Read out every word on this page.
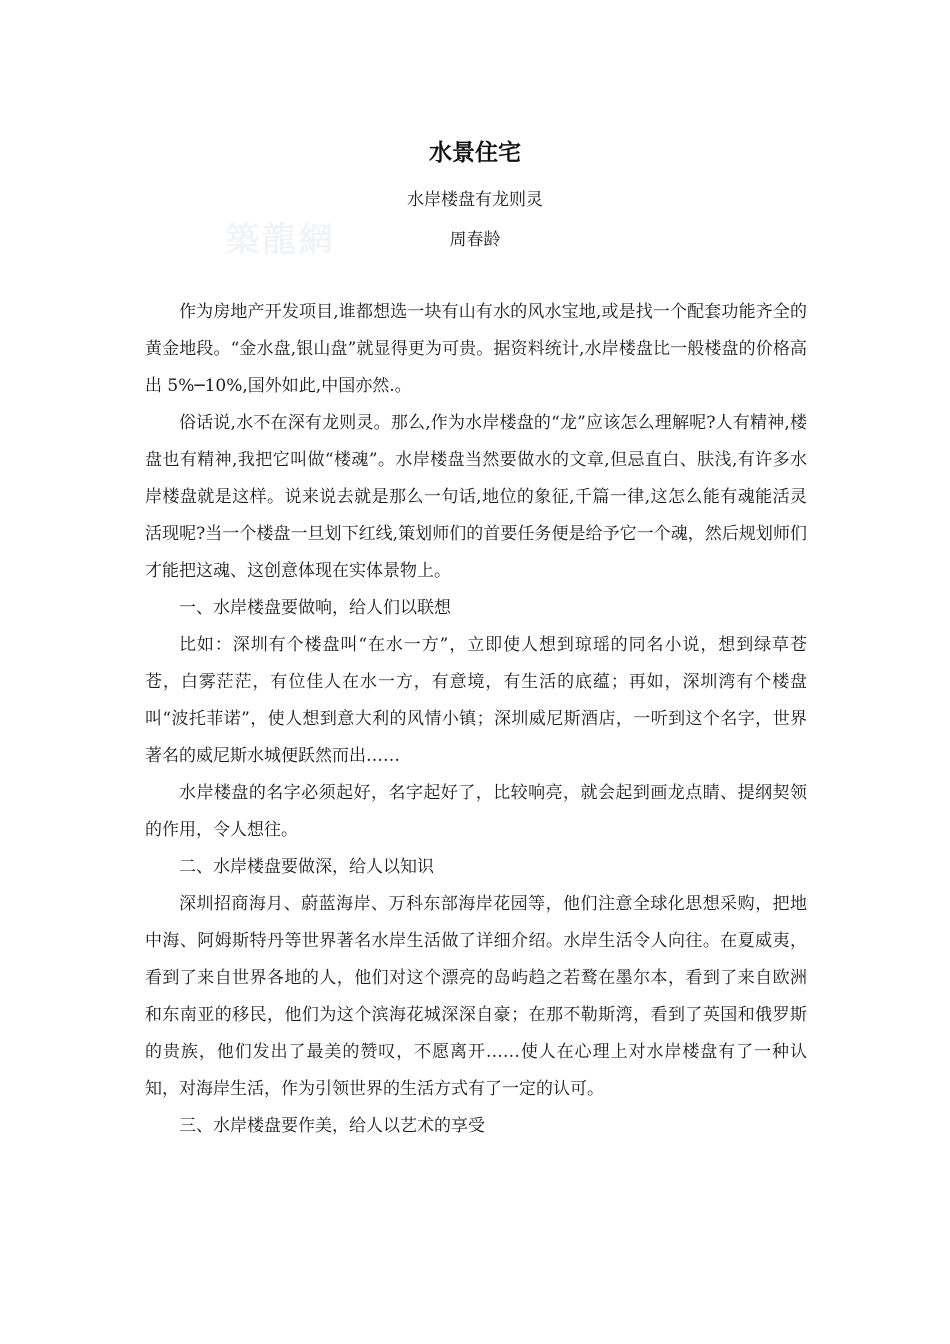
築龍網
水景住宅
水岸楼盘有龙则灵
周春龄

作为房地产开发项目,谁都想选一块有山有水的风水宝地,或是找一个配套功能齐全的黄金地段。“金水盘,银山盘”就显得更为可贵。据资料统计,水岸楼盘比一般楼盘的价格高出 5%─10%,国外如此,中国亦然.。

俗话说,水不在深有龙则灵。那么,作为水岸楼盘的“龙”应该怎么理解呢?人有精神,楼盘也有精神,我把它叫做“楼魂”。水岸楼盘当然要做水的文章,但忌直白、肤浅,有许多水岸楼盘就是这样。说来说去就是那么一句话,地位的象征,千篇一律,这怎么能有魂能活灵活现呢?当一个楼盘一旦划下红线,策划师们的首要任务便是给予它一个魂，然后规划师们才能把这魂、这创意体现在实体景物上。

一、水岸楼盘要做响，给人们以联想

比如：深圳有个楼盘叫“在水一方”，立即使人想到琼瑶的同名小说，想到绿草苍苍，白雾茫茫，有位佳人在水一方，有意境，有生活的底蕴；再如，深圳湾有个楼盘叫“波托菲诺”，使人想到意大利的风情小镇；深圳威尼斯酒店，一听到这个名字，世界著名的威尼斯水城便跃然而出……

水岸楼盘的名字必须起好，名字起好了，比较响亮，就会起到画龙点睛、提纲契领的作用，令人想往。

二、水岸楼盘要做深，给人以知识

深圳招商海月、蔚蓝海岸、万科东部海岸花园等，他们注意全球化思想采购，把地中海、阿姆斯特丹等世界著名水岸生活做了详细介绍。水岸生活令人向往。在夏威夷，看到了来自世界各地的人，他们对这个漂亮的岛屿趋之若鹜在墨尔本，看到了来自欧洲和东南亚的移民，他们为这个滨海花城深深自豪；在那不勒斯湾，看到了英国和俄罗斯的贵族，他们发出了最美的赞叹，不愿离开……使人在心理上对水岸楼盘有了一种认知，对海岸生活，作为引领世界的生活方式有了一定的认可。

三、水岸楼盘要作美，给人以艺术的享受
